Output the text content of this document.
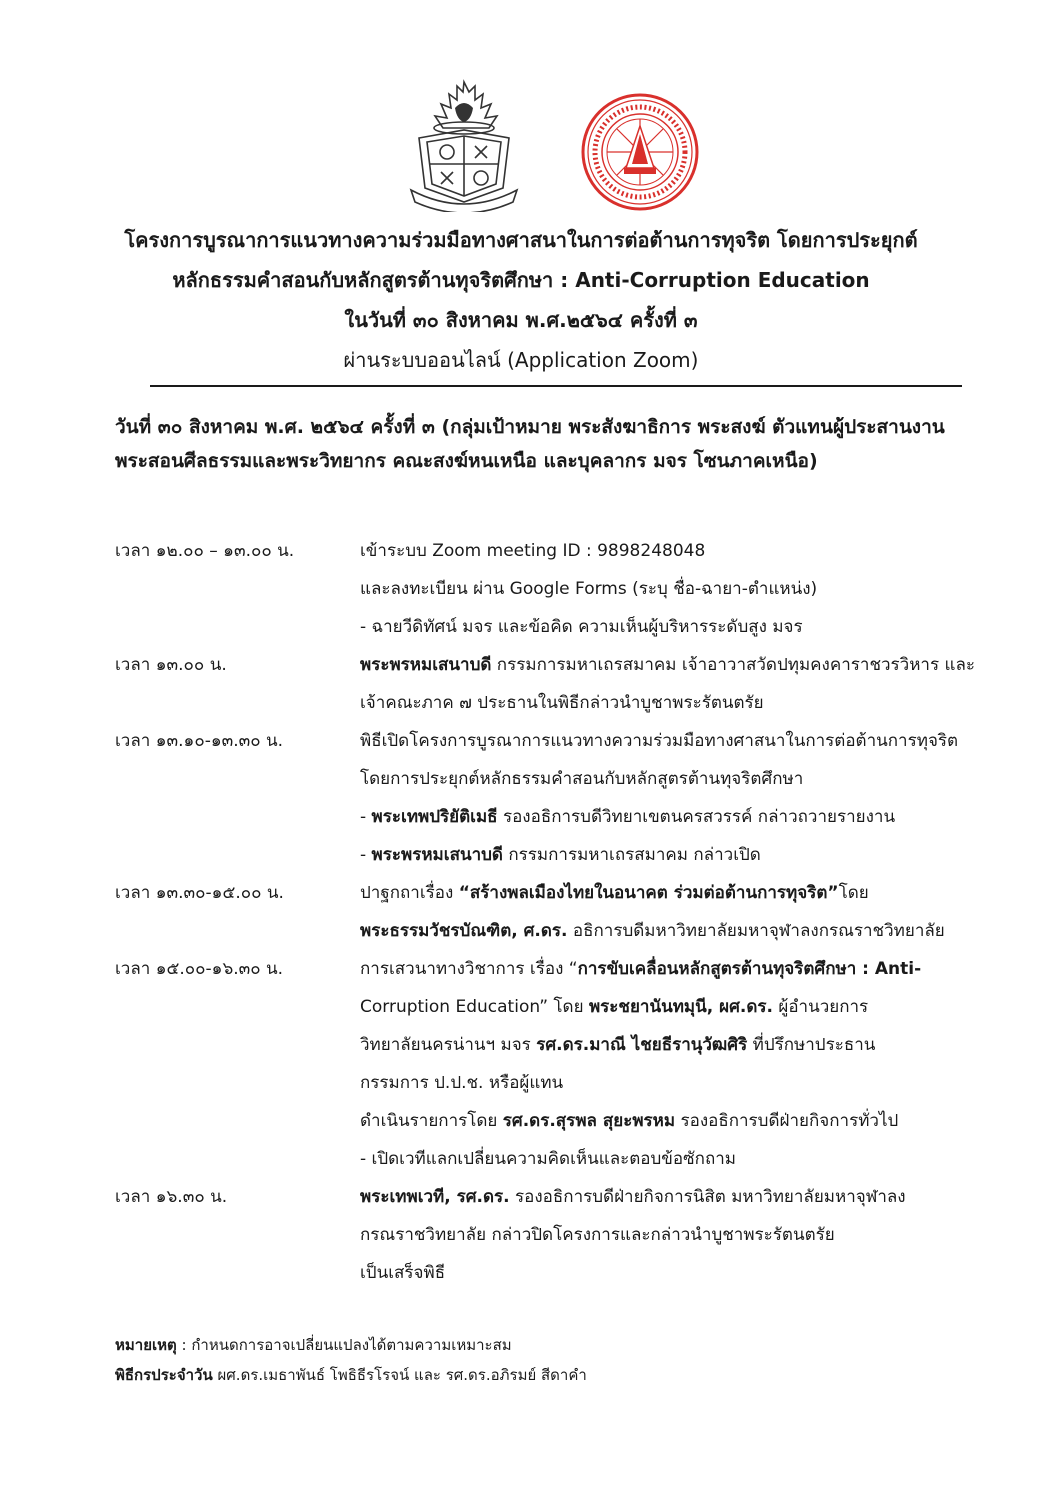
โครงการบูรณาการแนวทางความร่วมมือทางศาสนาในการต่อต้านการทุจริต โดยการประยุกต์
หลักธรรมคำสอนกับหลักสูตรต้านทุจริตศึกษา : Anti-Corruption Education
ในวันที่ ๓๐ สิงหาคม พ.ศ.๒๕๖๔ ครั้งที่ ๓
ผ่านระบบออนไลน์ (Application Zoom)
วันที่ ๓๐ สิงหาคม พ.ศ. ๒๕๖๔ ครั้งที่ ๓ (กลุ่มเป้าหมาย พระสังฆาธิการ พระสงฆ์ ตัวแทนผู้ประสานงานพระสอนศีลธรรมและพระวิทยากร คณะสงฆ์หนเหนือ และบุคลากร มจร โซนภาคเหนือ)
เวลา ๑๒.๐๐ – ๑๓.๐๐ น.	เข้าระบบ Zoom meeting ID : 9898248048
และลงทะเบียน ผ่าน Google Forms (ระบุ ชื่อ-ฉายา-ตำแหน่ง)
- ฉายวีดิทัศน์ มจร และข้อคิด ความเห็นผู้บริหารระดับสูง มจร
เวลา ๑๓.๐๐ น.	พระพรหมเสนาบดี กรรมการมหาเถรสมาคม เจ้าอาวาสวัดปทุมคงคาราชวรวิหาร และ
เจ้าคณะภาค ๗ ประธานในพิธีกล่าวนำบูชาพระรัตนตรัย
เวลา ๑๓.๑๐-๑๓.๓๐ น.	พิธีเปิดโครงการบูรณาการแนวทางความร่วมมือทางศาสนาในการต่อต้านการทุจริต
โดยการประยุกต์หลักธรรมคำสอนกับหลักสูตรต้านทุจริตศึกษา
- พระเทพปริยัติเมธี รองอธิการบดีวิทยาเขตนครสวรรค์ กล่าวถวายรายงาน
- พระพรหมเสนาบดี กรรมการมหาเถรสมาคม กล่าวเปิด
เวลา ๑๓.๓๐-๑๕.๐๐ น.	ปาฐกถาเรื่อง “สร้างพลเมืองไทยในอนาคต ร่วมต่อต้านการทุจริต”โดย
พระธรรมวัชรบัณฑิต, ศ.ดร. อธิการบดีมหาวิทยาลัยมหาจุฬาลงกรณราชวิทยาลัย
เวลา ๑๕.๐๐-๑๖.๓๐ น.	การเสวนาทางวิชาการ เรื่อง “การขับเคลื่อนหลักสูตรต้านทุจริตศึกษา : Anti-
Corruption Education” โดย พระชยานันทมุนี, ผศ.ดร. ผู้อำนวยการ
วิทยาลัยนครน่านฯ มจร รศ.ดร.มาณี ไชยธีรานุวัฒศิริ ที่ปรึกษาประธาน
กรรมการ ป.ป.ช. หรือผู้แทน
ดำเนินรายการโดย รศ.ดร.สุรพล สุยะพรหม รองอธิการบดีฝ่ายกิจการทั่วไป
- เปิดเวทีแลกเปลี่ยนความคิดเห็นและตอบข้อซักถาม
เวลา ๑๖.๓๐ น.	พระเทพเวที, รศ.ดร. รองอธิการบดีฝ่ายกิจการนิสิต มหาวิทยาลัยมหาจุฬาลง
กรณราชวิทยาลัย กล่าวปิดโครงการและกล่าวนำบูชาพระรัตนตรัย
เป็นเสร็จพิธี
หมายเหตุ : กำหนดการอาจเปลี่ยนแปลงได้ตามความเหมาะสม
พิธีกรประจำวัน ผศ.ดร.เมธาพันธ์ โพธิธีรโรจน์ และ รศ.ดร.อภิรมย์ สีดาคำ
